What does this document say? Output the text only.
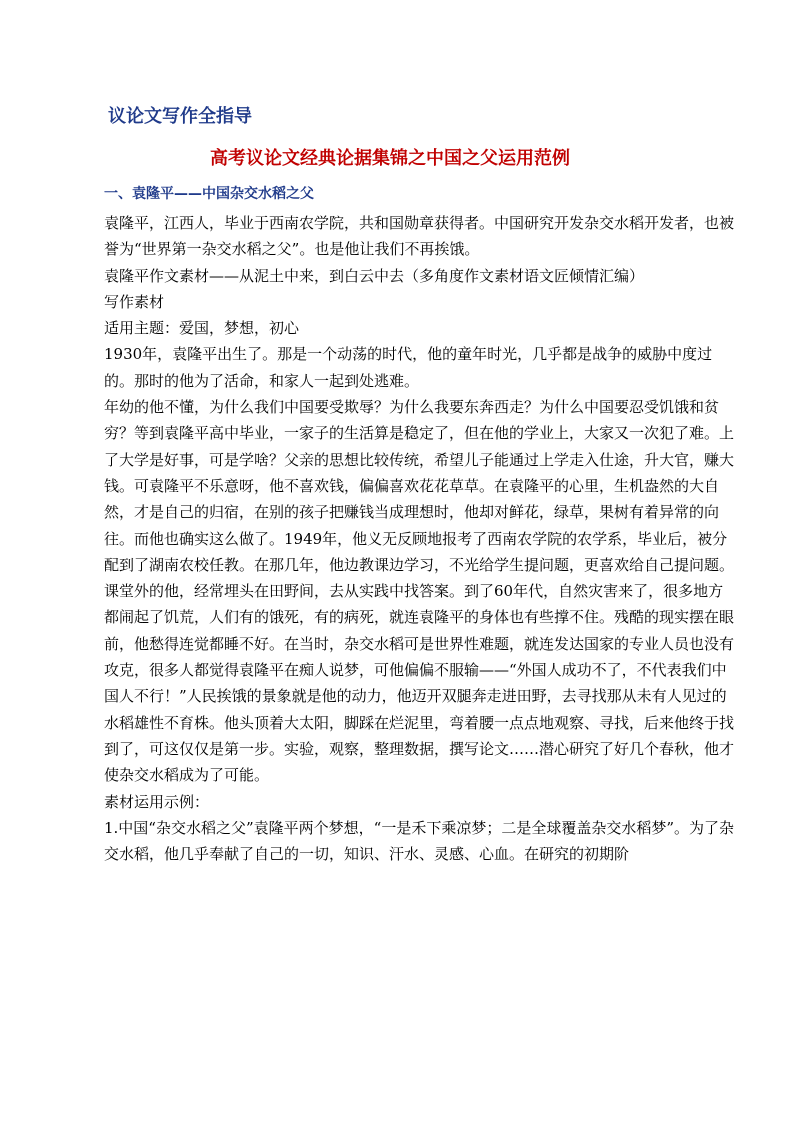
议论文写作全指导
高考议论文经典论据集锦之中国之父运用范例
一、袁隆平——中国杂交水稻之父

袁隆平，江西人，毕业于西南农学院，共和国勋章获得者。中国研究开发杂交水稻开发者，也被誉为“世界第一杂交水稻之父”。也是他让我们不再挨饿。

袁隆平作文素材——从泥土中来，到白云中去（多角度作文素材语文匠倾情汇编）

写作素材

适用主题：爱国，梦想，初心

1930年，袁隆平出生了。那是一个动荡的时代，他的童年时光，几乎都是战争的威胁中度过的。那时的他为了活命，和家人一起到处逃难。

年幼的他不懂，为什么我们中国要受欺辱？为什么我要东奔西走？为什么中国要忍受饥饿和贫穷？等到袁隆平高中毕业，一家子的生活算是稳定了，但在他的学业上，大家又一次犯了难。上了大学是好事，可是学啥？父亲的思想比较传统，希望儿子能通过上学走入仕途，升大官，赚大钱。可袁隆平不乐意呀，他不喜欢钱，偏偏喜欢花花草草。在袁隆平的心里，生机盎然的大自然，才是自己的归宿，在别的孩子把赚钱当成理想时，他却对鲜花，绿草，果树有着异常的向往。而他也确实这么做了。1949年，他义无反顾地报考了西南农学院的农学系，毕业后，被分配到了湖南农校任教。在那几年，他边教课边学习，不光给学生提问题，更喜欢给自己提问题。课堂外的他，经常埋头在田野间，去从实践中找答案。到了60年代，自然灾害来了，很多地方都闹起了饥荒，人们有的饿死，有的病死，就连袁隆平的身体也有些撑不住。残酷的现实摆在眼前，他愁得连觉都睡不好。在当时，杂交水稻可是世界性难题，就连发达国家的专业人员也没有攻克，很多人都觉得袁隆平在痴人说梦，可他偏偏不服输——“外国人成功不了，不代表我们中国人不行！”人民挨饿的景象就是他的动力，他迈开双腿奔走进田野，去寻找那从未有人见过的水稻雄性不育株。他头顶着大太阳，脚踩在烂泥里，弯着腰一点点地观察、寻找，后来他终于找到了，可这仅仅是第一步。实验，观察，整理数据，撰写论文……潜心研究了好几个春秋，他才使杂交水稻成为了可能。

素材运用示例：

1.中国“杂交水稻之父”袁隆平两个梦想，“一是禾下乘凉梦；二是全球覆盖杂交水稻梦”。为了杂交水稻，他几乎奉献了自己的一切，知识、汗水、灵感、心血。在研究的初期阶
